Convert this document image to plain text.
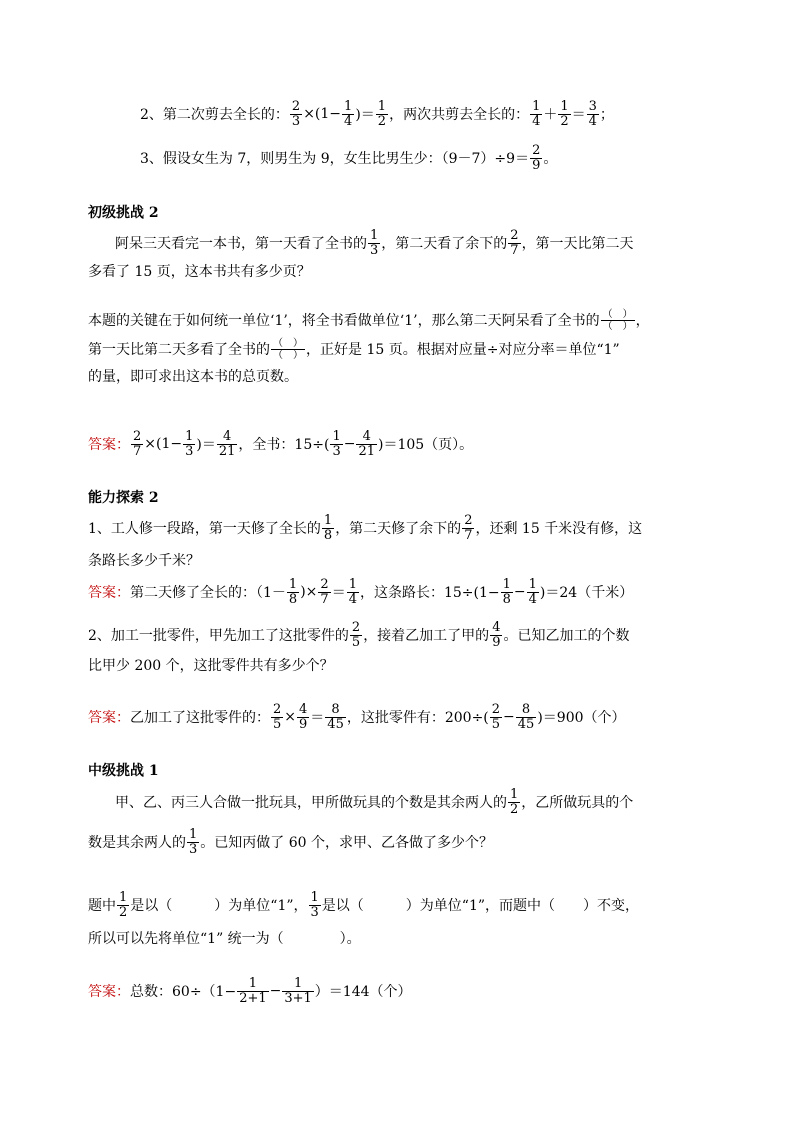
2、第二次剪去全长的： $\frac{2}{3} \times(1- \frac{1}{4}$ )＝ $\frac{1}{2}$ ，两次共剪去全长的： $\frac{1}{4} + \frac{1}{2} = \frac{3}{4}$ ；
3、假设女生为 7，则男生为 9，女生比男生少：$(9-7)\div 9= \frac{2}{9}$ 。
初级挑战 2
阿呆三天看完一本书，第一天看了全书的 $\frac{1}{3}$ ，第二天看了余下的 $\frac{2}{7}$ ，第一天比第二天
多看了 15 页，这本书共有多少页？
本题的关键在于如何统一单位‘1’，将全书看做单位‘1’，那么第二天阿呆看了全书的 $\frac{( )}{( )}$ ，
第一天比第二天多看了全书的 $\frac{( )}{( )}$ ，正好是 15 页。根据对应量÷对应分率＝单位“1”
的量，即可求出这本书的总页数。
答案： $\frac{2}{7} \times(1- \frac{1}{3}$ )＝ $\frac{4}{21}$ ，全书：$15\div( \frac{1}{3} - \frac{4}{21} )=105$（页）。
能力探索 2
1、工人修一段路，第一天修了全长的 $\frac{1}{8}$ ，第二天修了余下的 $\frac{2}{7}$ ，还剩 15 千米没有修，这
条路长多少千米？
答案： 第二天修了全长的：（$1- \frac{1}{8}$ )× $\frac{2}{7} = \frac{1}{4}$ ，这条路长：$15\div(1- \frac{1}{8} - \frac{1}{4} )=24$（千米）
2、加工一批零件，甲先加工了这批零件的 $\frac{2}{5}$ ，接着乙加工了甲的 $\frac{4}{9}$ 。已知乙加工的个数
比甲少 200 个，这批零件共有多少个？
答案： 乙加工了这批零件的： $\frac{2}{5} \times \frac{4}{9} = \frac{8}{45}$ ，这批零件有：$200\div( \frac{2}{5} - \frac{8}{45} )=900$（个）
中级挑战 1
甲、乙、丙三人合做一批玩具，甲所做玩具的个数是其余两人的 $\frac{1}{2}$ ，乙所做玩具的个
数是其余两人的 $\frac{1}{3}$ 。已知丙做了 60 个，求甲、乙各做了多少个？
题中 $\frac{1}{2}$ 是以（　　　）为单位“1”， $\frac{1}{3}$ 是以（　　　）为单位“1”，而题中（　　）不变，
所以可以先将单位“1” 统一为（　　　　）。
答案： 总数：$60\div(1- \frac{1}{2+1} - \frac{1}{3+1} )=144$（个）
